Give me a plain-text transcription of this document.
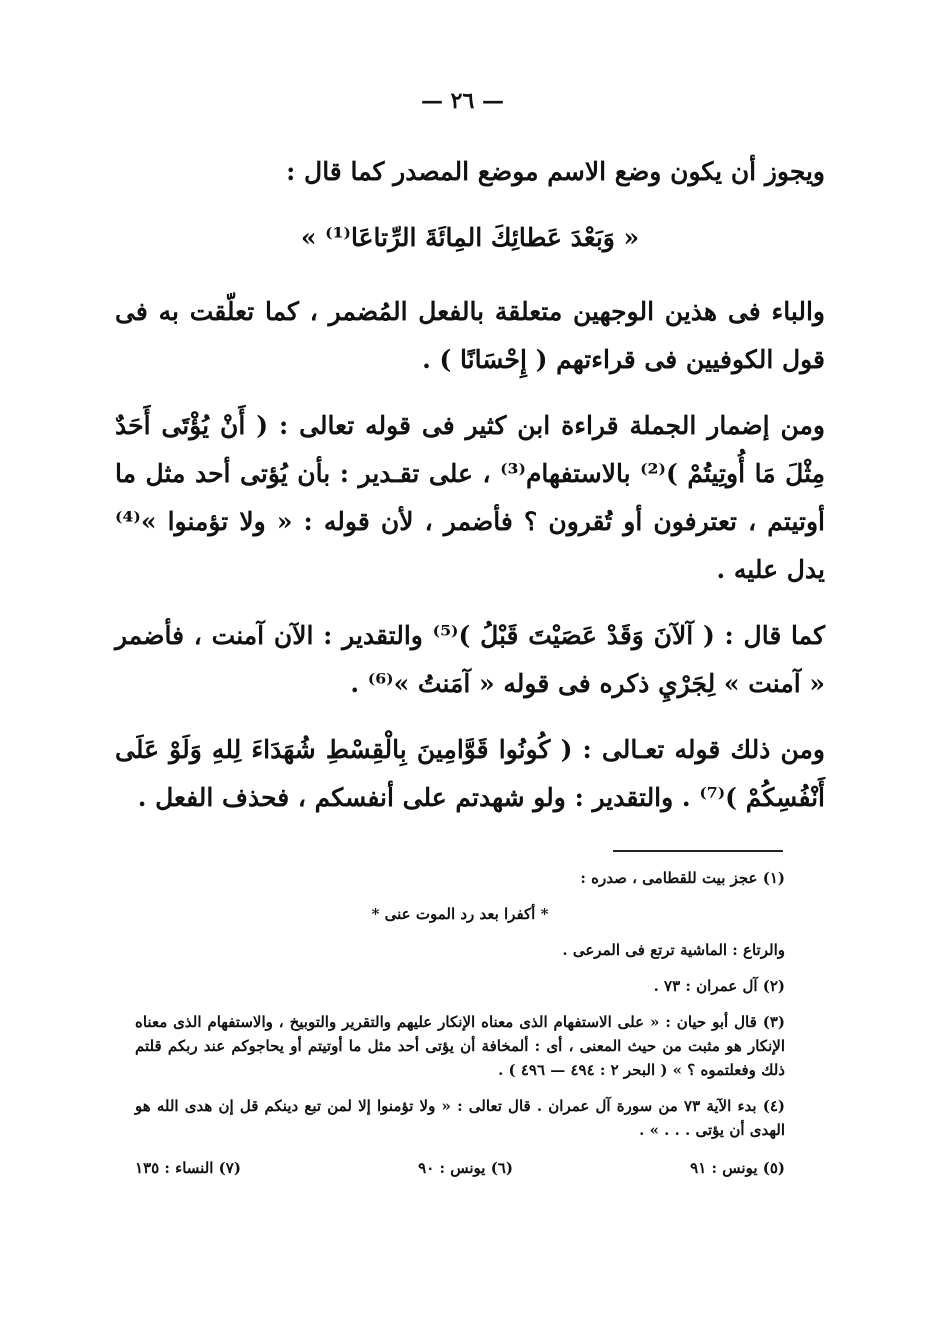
— ٢٦ —

ويجوز أن يكون وضع الاسم موضع المصدر كما قال :

« وَبَعْدَ عَطائِكَ المِائَةَ الرِّتاعَا⁽¹⁾ »

والباء فى هذين الوجهين متعلقة بالفعل المُضمر ، كما تعلّقت به فى قول الكوفيين فى قراءتهم ( إِحْسَانًا ) .

ومن إضمار الجملة قراءة ابن كثير فى قوله تعالى : ( أَنْ يُؤْتَى أَحَدٌ مِثْلَ مَا أُوتِيتُمْ )⁽²⁾ بالاستفهام⁽³⁾ ، على تقـدير : بأن يُؤتى أحد مثل ما أوتيتم ، تعترفون أو تُقرون ؟ فأضمر ، لأن قوله : « ولا تؤمنوا »⁽⁴⁾ يدل عليه .

كما قال : ( آلآنَ وَقَدْ عَصَيْتَ قَبْلُ )⁽⁵⁾ والتقدير : الآن آمنت ، فأضمر « آمنت » لِجَرْيِ ذكره فى قوله « آمَنتُ »⁽⁶⁾ .

ومن ذلك قوله تعـالى : ( كُونُوا قَوَّامِينَ بِالْقِسْطِ شُهَدَاءَ لِلهِ وَلَوْ عَلَى أَنْفُسِكُمْ )⁽⁷⁾ . والتقدير : ولو شهدتم على أنفسكم ، فحذف الفعل .

(١) عجز بيت للقطامى ، صدره :

* أكفرا بعد رد الموت عنى *

والرتاع : الماشية ترتع فى المرعى .

(٢) آل عمران : ٧٣ .

(٣) قال أبو حيان : « على الاستفهام الذى معناه الإنكار عليهم والتقرير والتوبيخ ، والاستفهام الذى معناه الإنكار هو مثبت من حيث المعنى ، أى : ألمخافة أن يؤتى أحد مثل ما أوتيتم أو يحاجوكم عند ربكم قلتم ذلك وفعلتموه ؟ » ( البحر ٢ : ٤٩٤ — ٤٩٦ ) .

(٤) بدء الآية ٧٣ من سورة آل عمران . قال تعالى : « ولا تؤمنوا إلا لمن تبع دينكم قل إن هدى الله هو الهدى أن يؤتى . . . » .

(٥) يونس : ٩١
(٦) يونس : ٩٠
(٧) النساء : ١٣٥
